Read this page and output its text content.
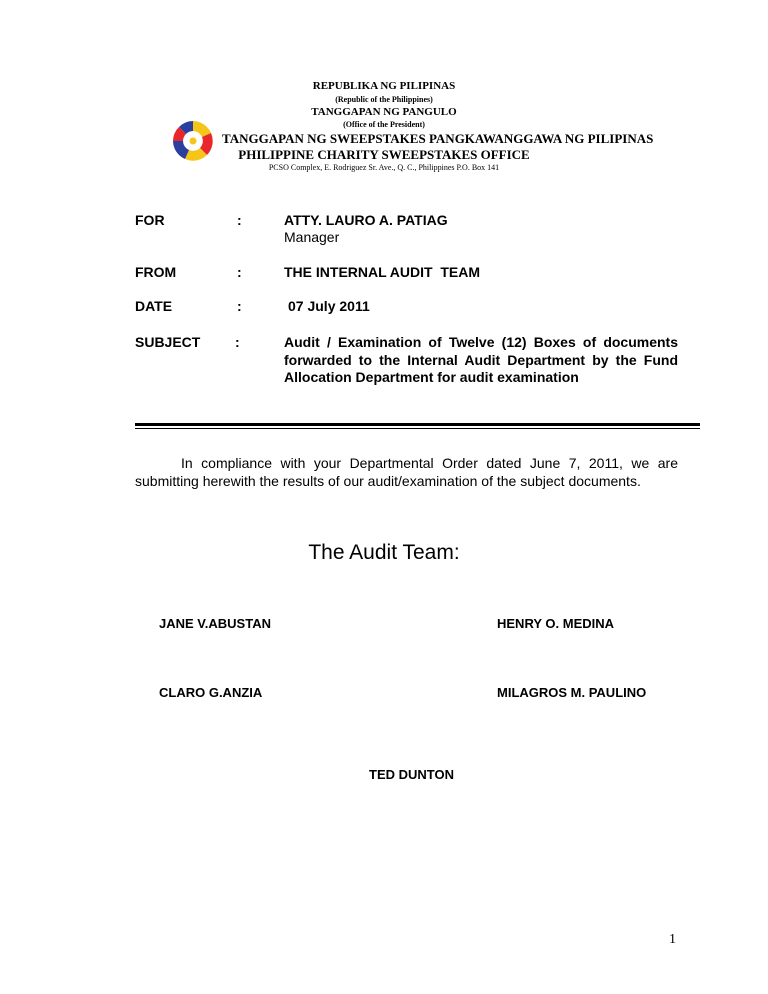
REPUBLIKA NG PILIPINAS
(Republic of the Philippines)
TANGGAPAN NG PANGULO
(Office of the President)
TANGGAPAN NG SWEEPSTAKES PANGKAWANGGAWA NG PILIPINAS
PHILIPPINE CHARITY SWEEPSTAKES OFFICE
PCSO Complex, E. Rodriguez Sr. Ave., Q. C., Philippines P.O. Box 141
FOR	:	ATTY. LAURO A. PATIAG
Manager
FROM	:	THE INTERNAL AUDIT  TEAM
DATE	:	07 July 2011
SUBJECT :	Audit / Examination of Twelve (12) Boxes of documents forwarded to the Internal Audit Department by the Fund Allocation Department for audit examination
In compliance with your Departmental Order dated June 7, 2011, we are submitting herewith the results of our audit/examination of the subject documents.
The Audit Team:
JANE V.ABUSTAN	HENRY O. MEDINA
CLARO G.ANZIA	MILAGROS M. PAULINO
TED DUNTON
1
